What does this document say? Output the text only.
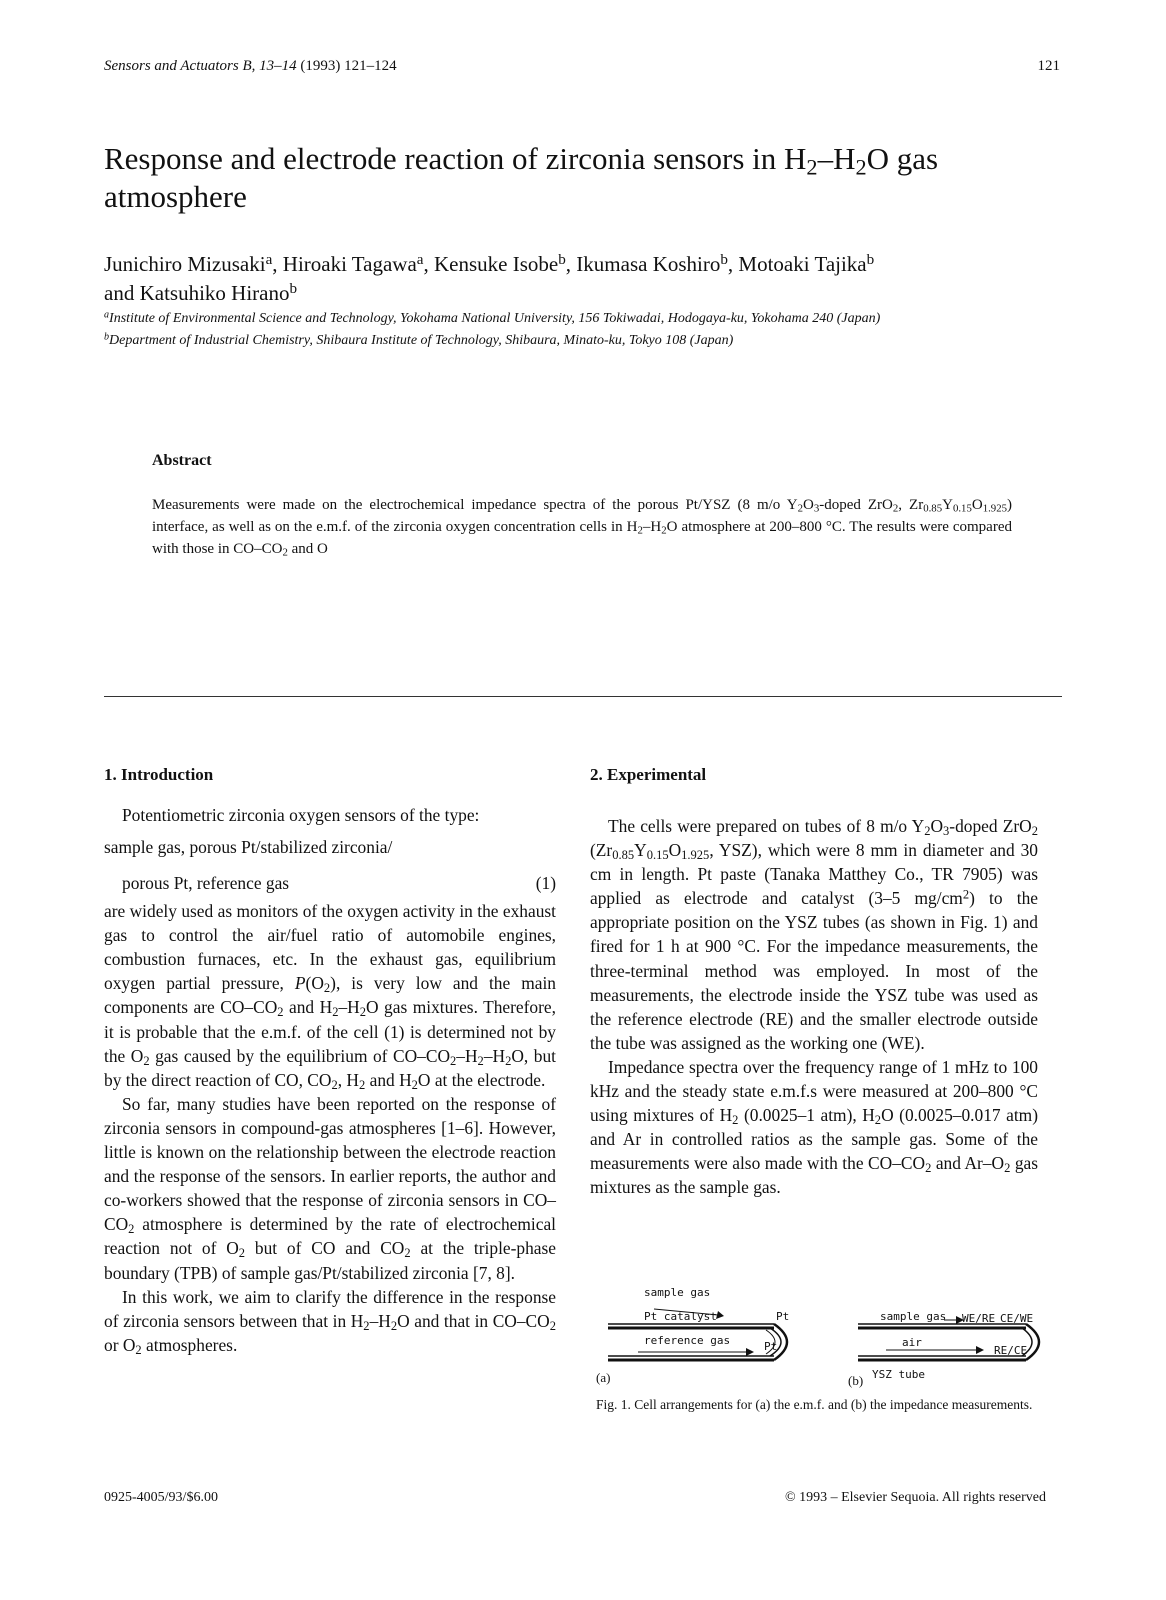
Sensors and Actuators B, 13–14 (1993) 121–124	121
Response and electrode reaction of zirconia sensors in $H_2-H_2O$ gas atmosphere
Junichiro Mizusaki$^a$, Hiroaki Tagawa$^a$, Kensuke Isobe$^b$, Ikumasa Koshiro$^b$, Motoaki Tajika$^b$
and Katsuhiko Hirano$^b$
$^a$Institute of Environmental Science and Technology, Yokohama National University, 156 Tokiwadai, Hodogaya-ku, Yokohama 240 (Japan)
$^b$Department of Industrial Chemistry, Shibaura Institute of Technology, Shibaura, Minato-ku, Tokyo 108 (Japan)
Abstract
Measurements were made on the electrochemical impedance spectra of the porous Pt/YSZ (8 m/o $Y_2O_3$-doped ZrO$_2$, $Zr_{0.85}Y_{0.15}O_{1.925}$) interface, as well as on the e.m.f. of the zirconia oxygen concentration cells in $H_2-H_2O$ atmosphere at 200–800 °C. The results were compared with those in $CO-CO_2$ and O
1. Introduction

Potentiometric zirconia oxygen sensors of the type:

sample gas, porous Pt/stabilized zirconia/
porous Pt, reference gas	(1)

are widely used as monitors of the oxygen activity in the exhaust gas to control the air/fuel ratio of automobile engines, combustion furnaces, etc. In the exhaust gas, equilibrium oxygen partial pressure, $P(O_2)$, is very low and the main components are $CO-CO_2$ and $H_2-H_2O$ gas mixtures. Therefore, it is probable that the e.m.f. of the cell (1) is determined not by the $O_2$ gas caused by the equilibrium of $CO-CO_2-H_2-H_2O$, but by the direct reaction of CO, $CO_2$, $H_2$ and $H_2O$ at the electrode.

So far, many studies have been reported on the response of zirconia sensors in compound-gas atmospheres [1–6]. However, little is known on the relationship between the electrode reaction and the response of the sensors. In earlier reports, the author and co-workers showed that the response of zirconia sensors in $CO-CO_2$ atmosphere is determined by the rate of electrochemical reaction not of $O_2$ but of CO and $CO_2$ at the triple-phase boundary (TPB) of sample gas/Pt/stabilized zirconia [7, 8].

In this work, we aim to clarify the difference in the response of zirconia sensors between that in $H_2-H_2O$ and that in $CO-CO_2$ or $O_2$ atmospheres.

2. Experimental

The cells were prepared on tubes of 8 m/o $Y_2O_3$-doped ZrO$_2$ ($Zr_{0.85}Y_{0.15}O_{1.925}$, YSZ), which were 8 mm in diameter and 30 cm in length. Pt paste (Tanaka Matthey Co., TR 7905) was applied as electrode and catalyst (3–5 $mg/cm^2$) to the appropriate position on the YSZ tubes (as shown in Fig. 1) and fired for 1 h at 900 °C. For the impedance measurements, the three-terminal method was employed. In most of the measurements, the electrode inside the YSZ tube was used as the reference electrode (RE) and the smaller electrode outside the tube was assigned as the working one (WE).

Impedance spectra over the frequency range of 1 mHz to 100 kHz and the steady state e.m.f.s were measured at 200–800 °C using mixtures of $H_2$ (0.0025–1 atm), $H_2O$ (0.0025–0.017 atm) and Ar in controlled ratios as the sample gas. Some of the measurements were also made with the $CO-CO_2$ and $Ar-O_2$ gas mixtures as the sample gas.

sample gas
Pt catalyst	Pt
reference gas	Pt
(a)
sample gas WE/RE CE/WE
air
RE/CE
YSZ tube
(b)
Fig. 1. Cell arrangements for (a) the e.m.f. and (b) the impedance measurements.
0925-4005/93/$6.00	© 1993 – Elsevier Sequoia. All rights reserved
